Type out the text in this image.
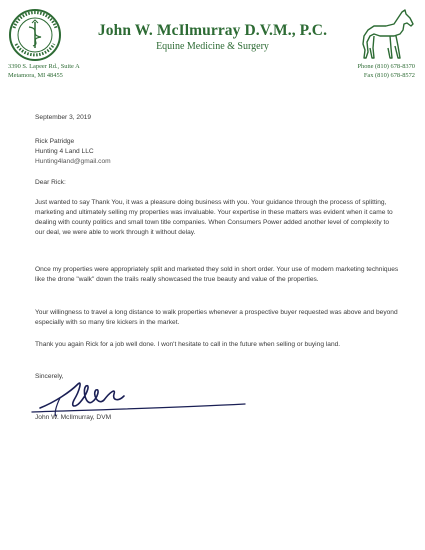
John W. McIlmurray D.V.M., P.C.
Equine Medicine & Surgery
3390 S. Lapeer Rd., Suite A
Metamora, MI 48455
Phone (810) 678-8370
Fax (810) 678-8572
September 3, 2019
Rick Patridge
Hunting 4 Land LLC
Hunting4land@gmail.com
Dear Rick:
Just wanted to say Thank You, it was a pleasure doing business with you. Your guidance through the process of splitting, marketing and ultimately selling my properties was invaluable. Your expertise in these matters was evident when it came to dealing with county politics and small town title companies. When Consumers Power added another level of complexity to our deal, we were able to work through it without delay.
Once my properties were appropriately split and marketed they sold in short order. Your use of modern marketing techniques like the drone "walk" down the trails really showcased the true beauty and value of the properties.
Your willingness to travel a long distance to walk properties whenever a prospective buyer requested was above and beyond especially with so many tire kickers in the market.
Thank you again Rick for a job well done. I won't hesitate to call in the future when selling or buying land.
Sincerely,
John W. McIlmurray, DVM
